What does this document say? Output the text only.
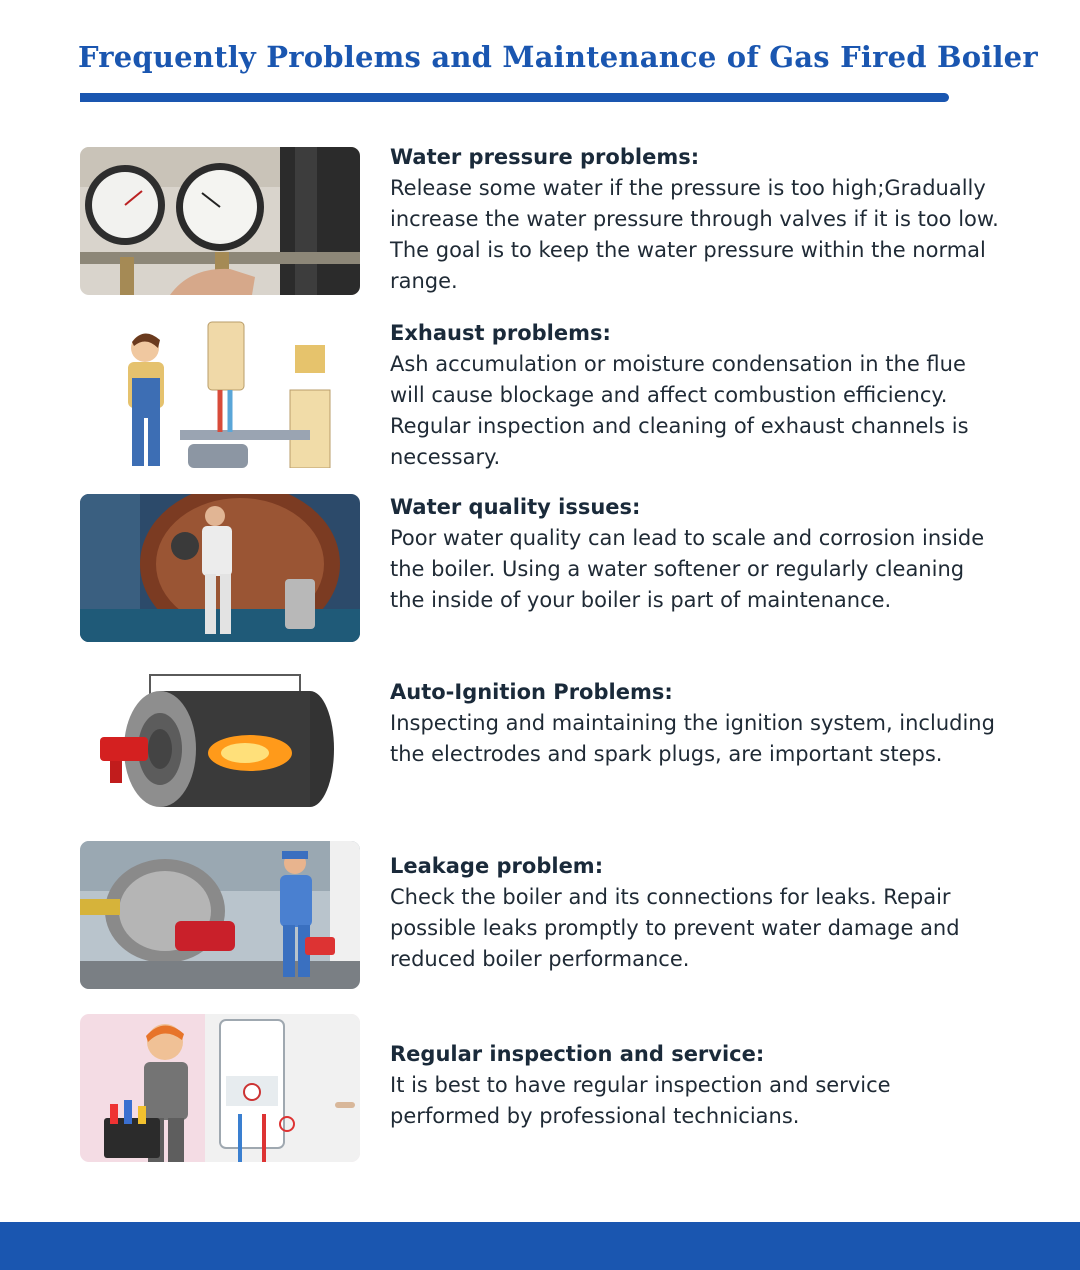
Frequently Problems and Maintenance of Gas Fired Boiler

Water pressure problems:

Release some water if the pressure is too high;Gradually increase the water pressure through valves if it is too low. The goal is to keep the water pressure within the normal range.

Exhaust problems:

Ash accumulation or moisture condensation in the flue will cause blockage and affect combustion efficiency. Regular inspection and cleaning of exhaust channels is necessary.

Water quality issues:

Poor water quality can lead to scale and corrosion inside the boiler. Using a water softener or regularly cleaning the inside of your boiler is part of maintenance.

Auto-Ignition Problems:

Inspecting and maintaining the ignition system, including the electrodes and spark plugs, are important steps.

Leakage problem:

Check the boiler and its connections for leaks. Repair possible leaks promptly to prevent water damage and reduced boiler performance.

Regular inspection and service:

It is best to have regular inspection and service performed by professional technicians.
